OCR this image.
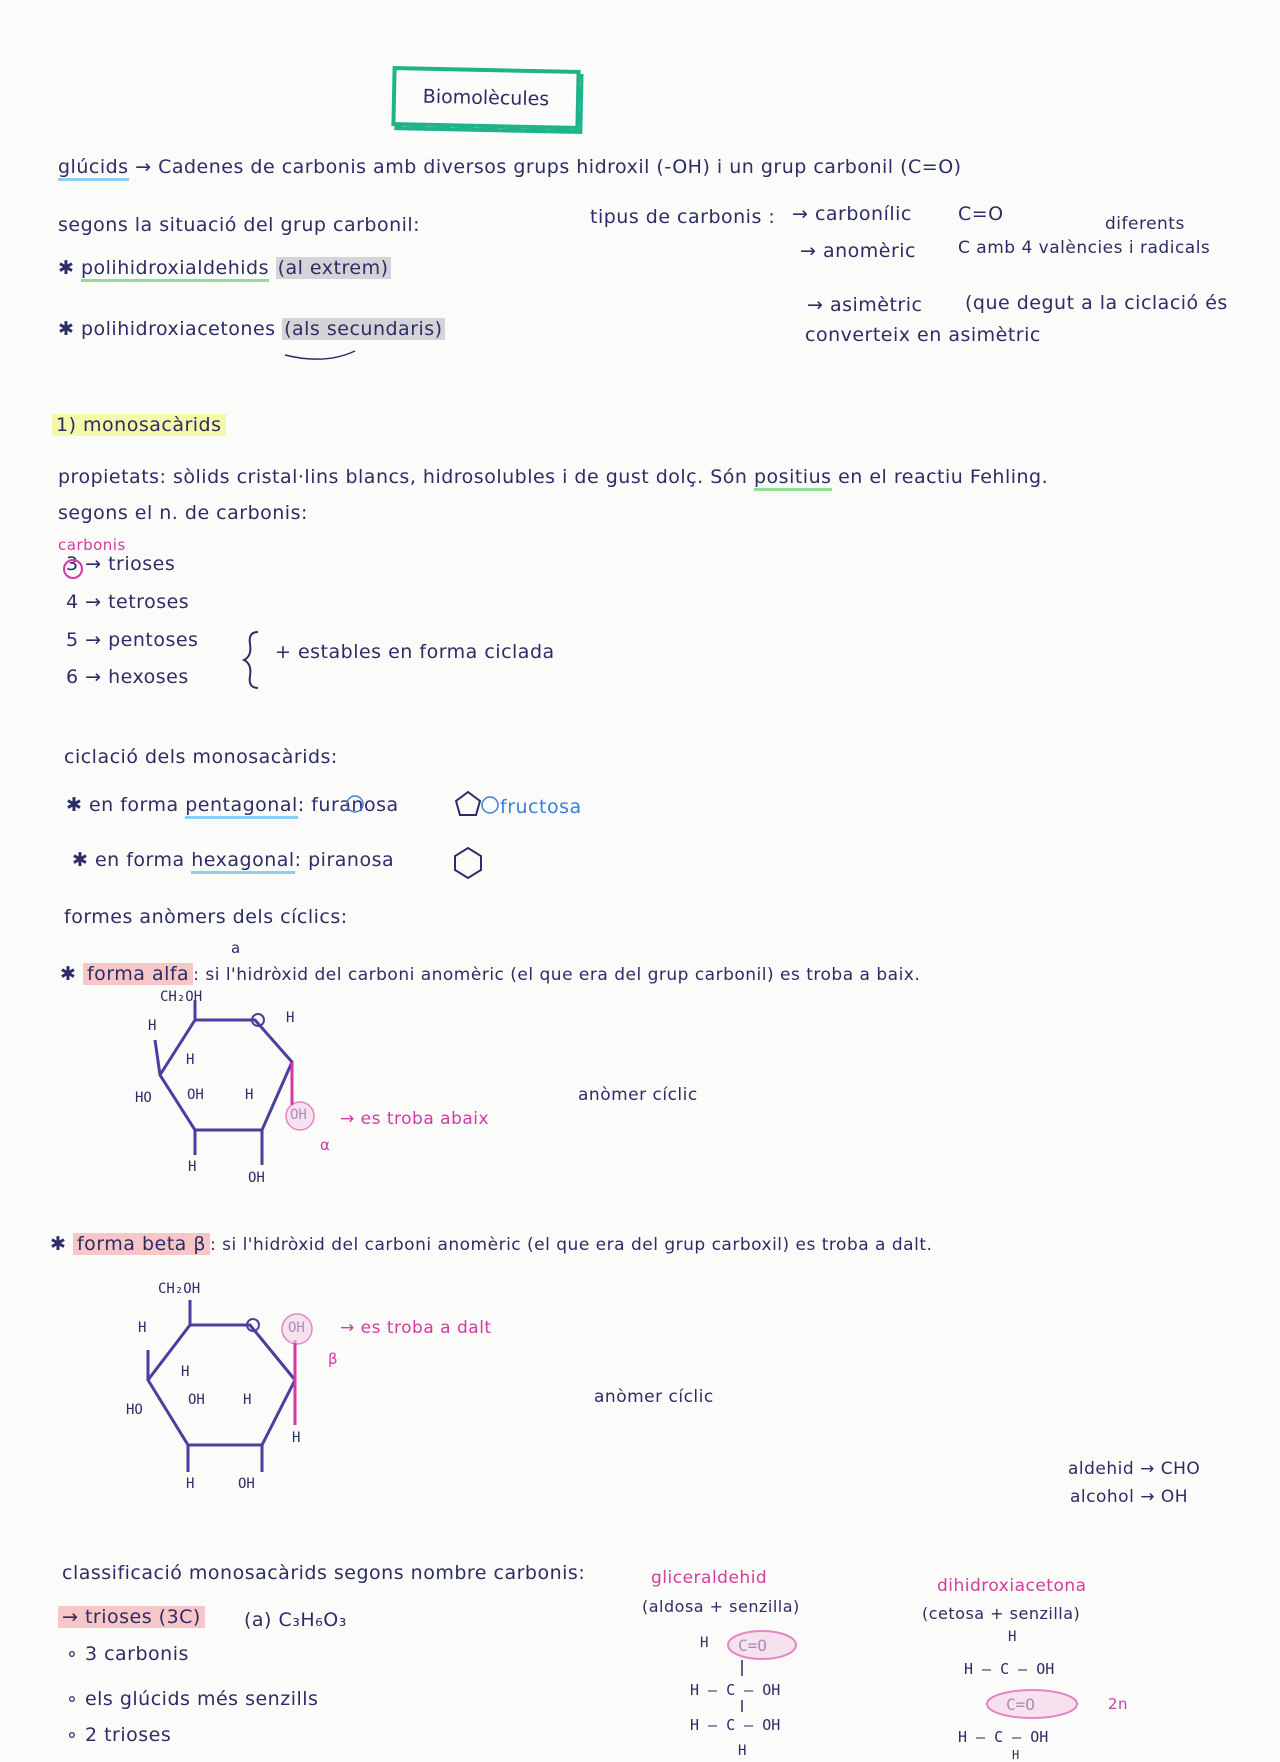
Biomolècules
glúcids → Cadenes de carbonis amb diversos grups hidroxil (-OH) i un grup carbonil (C=O)
segons la situació del grup carbonil:
✱ polihidroxialdehids (al extrem)
✱ polihidroxiacetones (als secundaris)
tipus de carbonis : → carbonílic C=O	diferents
→ anomèric C amb 4 valències i radicals
→ asimètric (que degut a la ciclació és
converteix en asimètric
1) monosacàrids
propietats: sòlids cristal·lins blancs, hidrosolubles i de gust dolç. Són positius en el reactiu Fehling.
segons el n. de carbonis:
carbonis
3 → trioses
4 → tetroses
5 → pentoses
6 → hexoses
+ estables en forma ciclada
ciclació dels monosacàrids:
✱ en forma pentagonal: furanosa	fructosa
✱ en forma hexagonal: piranosa
formes anòmers dels cíclics:
a
✱ forma alfa : si l'hidròxid del carboni anomèric (el que era del grup carbonil) es troba a baix.
CH₂OH
H	H
H
HO	OH	H
H
OH
→ es troba abaix
α
anòmer cíclic
✱ forma beta β : si l'hidròxid del carboni anomèric (el que era del grup carboxil) es troba a dalt.
CH₂OH
H
H
OH	H
HO
H
H	OH
→ es troba a dalt
β
anòmer cíclic
aldehid → CHO
alcohol → OH
classificació monosacàrids segons nombre carbonis:	gliceraldehid
(aldosa + senzilla)
dihidroxiacetona
(cetosa + senzilla)
→ trioses (3C) (a) C₃H₆O₃
∘ 3 carbonis
∘ els glúcids més senzills
∘ 2 trioses
H
H — C — OH
H — C — OH
H
H
H — C — OH
2n
H — C — OH
H
